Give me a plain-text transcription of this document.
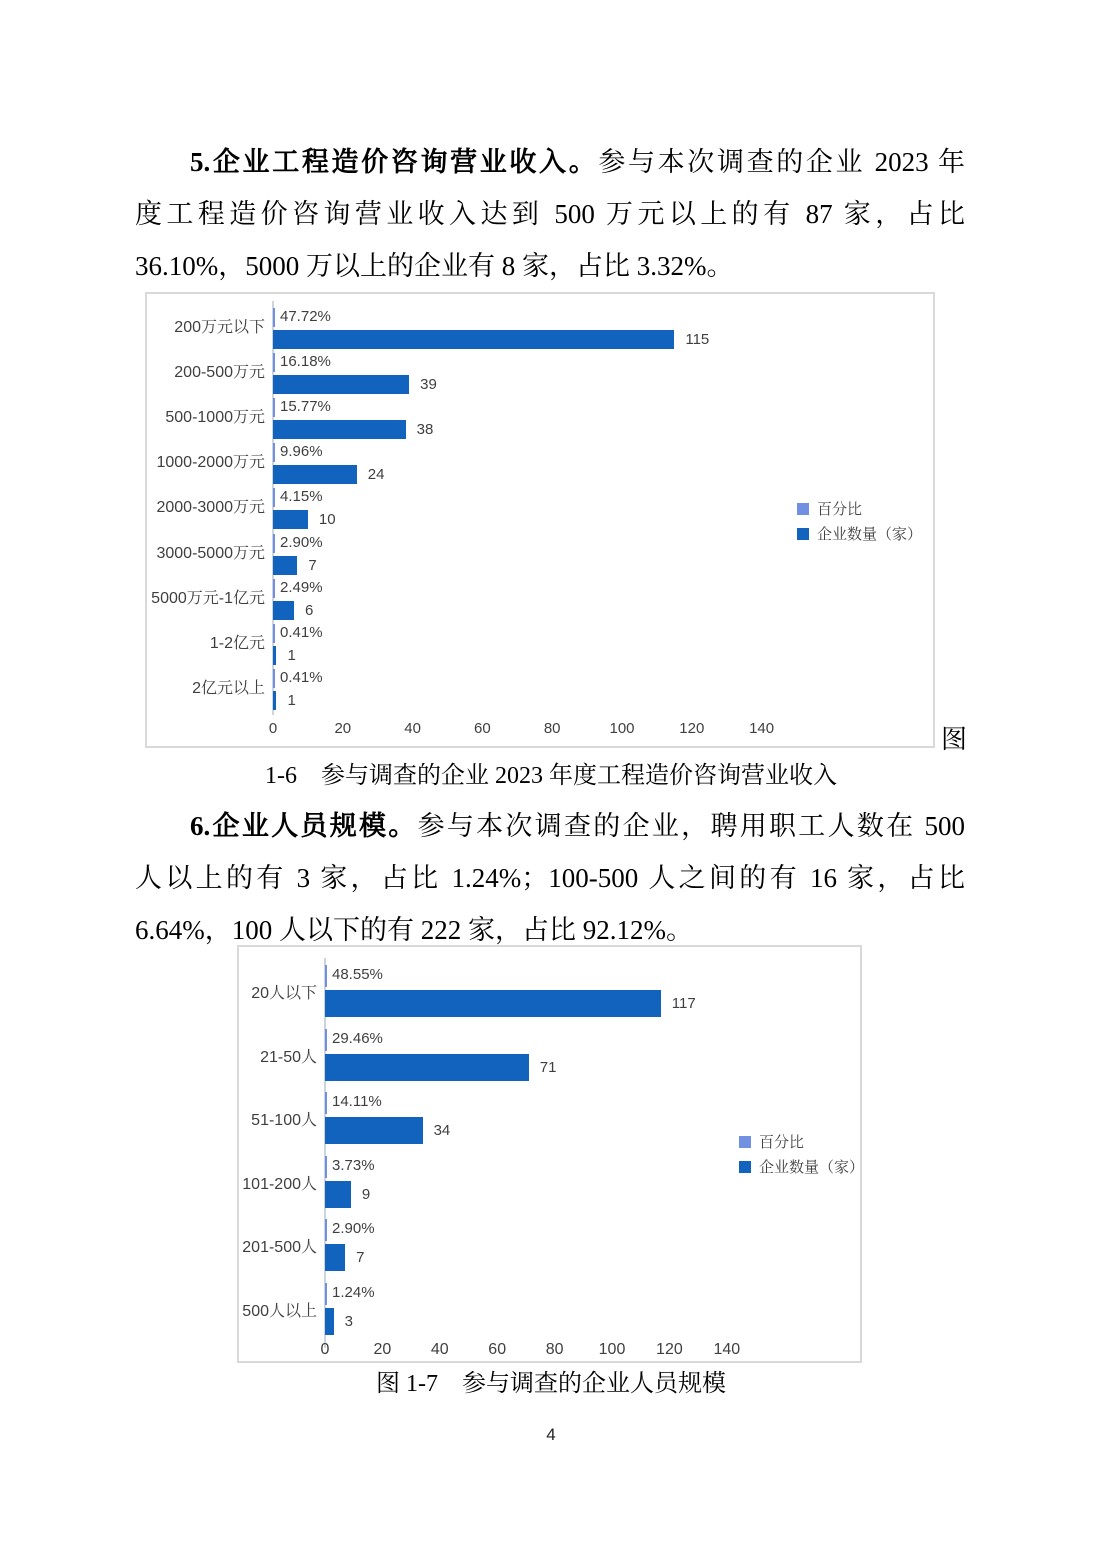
5.企业工程造价咨询营业收入。参与本次调查的企业 2023 年
度工程造价咨询营业收入达到 500 万元以上的有 87 家，占比
36.10%，5000 万以上的企业有 8 家，占比 3.32%。

200万元以下
47.72%
115
200-500万元
16.18%
39
500-1000万元
15.77%
38
1000-2000万元
9.96%
24
2000-3000万元
4.15%
10
3000-5000万元
2.90%
7
5000万元-1亿元
2.49%
6
1-2亿元
0.41%
1
2亿元以上
0.41%
1
0	20	40	60	80	100	120	140
百分比
企业数量（家）
图

1-6　参与调查的企业 2023 年度工程造价咨询营业收入

6.企业人员规模。参与本次调查的企业，聘用职工人数在 500
人以上的有 3 家，占比 1.24%；100-500 人之间的有 16 家，占比
6.64%，100 人以下的有 222 家，占比 92.12%。

20人以下
48.55%
117
21-50人
29.46%
71
51-100人
14.11%
34
101-200人
3.73%
9
201-500人
2.90%
7
500人以上
1.24%
3
0	20 40 60 80 100 120 140
百分比
企业数量（家）

图 1-7　参与调查的企业人员规模

4
